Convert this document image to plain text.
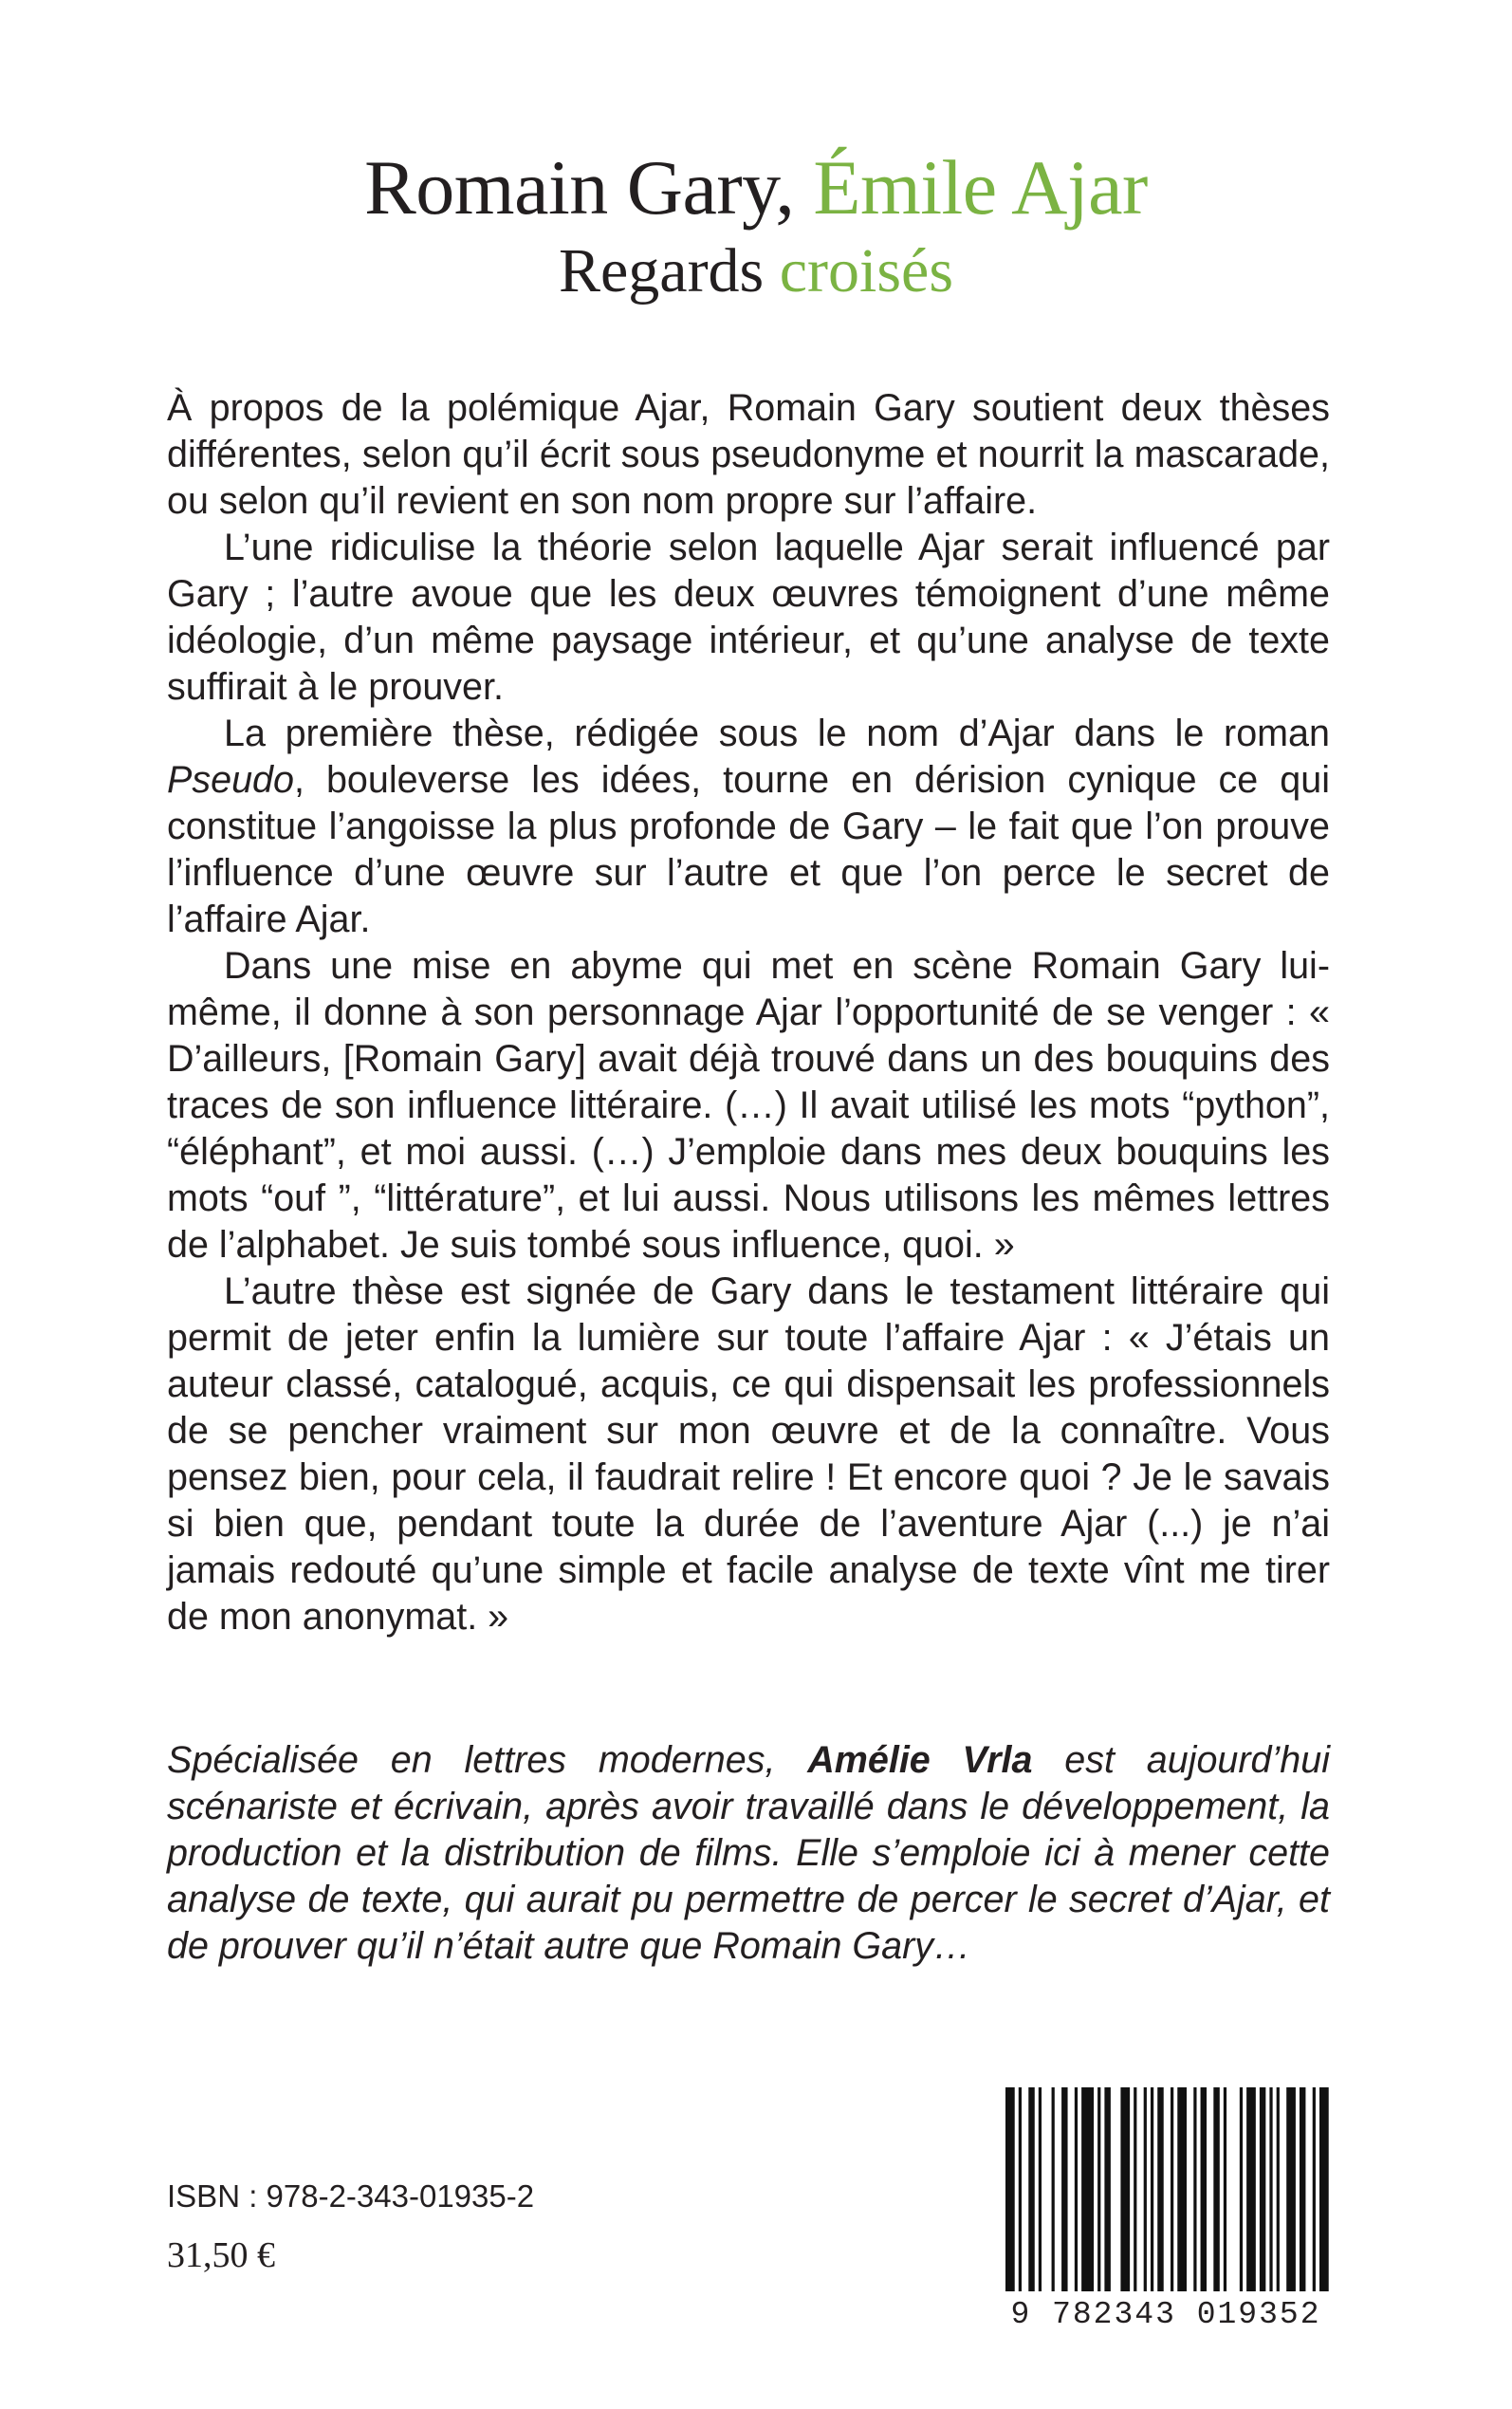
Romain Gary, Émile Ajar
Regards croisés

À propos de la polémique Ajar, Romain Gary soutient deux thèses différentes, selon qu’il écrit sous pseudonyme et nourrit la mascarade, ou selon qu’il revient en son nom propre sur l’affaire.

L’une ridiculise la théorie selon laquelle Ajar serait influencé par Gary ; l’autre avoue que les deux œuvres témoignent d’une même idéologie, d’un même paysage intérieur, et qu’une analyse de texte suffirait à le prouver.

La première thèse, rédigée sous le nom d’Ajar dans le roman Pseudo, bouleverse les idées, tourne en dérision cynique ce qui constitue l’angoisse la plus profonde de Gary – le fait que l’on prouve l’influence d’une œuvre sur l’autre et que l’on perce le secret de l’affaire Ajar.

Dans une mise en abyme qui met en scène Romain Gary lui-même, il donne à son personnage Ajar l’opportunité de se venger : « D’ailleurs, [Romain Gary] avait déjà trouvé dans un des bouquins des traces de son influence littéraire. (…) Il avait utilisé les mots “python”, “éléphant”, et moi aussi. (…) J’emploie dans mes deux bouquins les mots “ouf ”, “littérature”, et lui aussi. Nous utilisons les mêmes lettres de l’alphabet. Je suis tombé sous influence, quoi. »

L’autre thèse est signée de Gary dans le testament littéraire qui permit de jeter enfin la lumière sur toute l’affaire Ajar : « J’étais un auteur classé, catalogué, acquis, ce qui dispensait les professionnels de se pencher vraiment sur mon œuvre et de la connaître. Vous pensez bien, pour cela, il faudrait relire ! Et encore quoi ? Je le savais si bien que, pendant toute la durée de l’aventure Ajar (...) je n’ai jamais redouté qu’une simple et facile analyse de texte vînt me tirer de mon anonymat. »

Spécialisée en lettres modernes, Amélie Vrla est aujourd’hui scénariste et écrivain, après avoir travaillé dans le développement, la production et la distribution de films. Elle s’emploie ici à mener cette analyse de texte, qui aurait pu permettre de percer le secret d’Ajar, et de prouver qu’il n’était autre que Romain Gary…

ISBN : 978-2-343-01935-2
31,50 €
9 782343 019352
